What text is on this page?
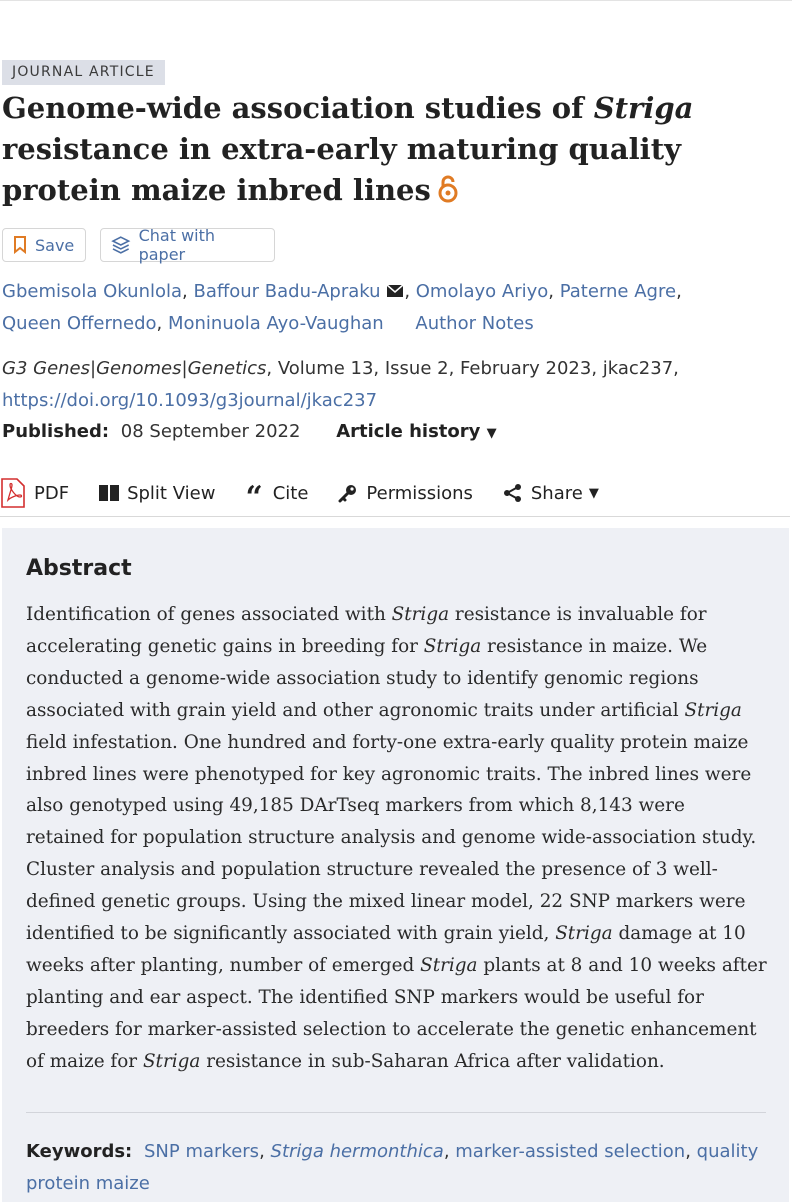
JOURNAL ARTICLE
Genome-wide association studies of Striga resistance in extra-early maturing quality protein maize inbred lines
Save	Chat with paper
Gbemisola Okunlola, Baffour Badu-Apraku , Omolayo Ariyo, Paterne Agre,
Queen Offernedo, Moninuola Ayo-Vaughan Author Notes
G3 Genes|Genomes|Genetics, Volume 13, Issue 2, February 2023, jkac237,
https://doi.org/10.1093/g3journal/jkac237
Published: 08 September 2022 Article history ▼
PDF	Split View “ Cite	Permissions	Share ▼
Abstract

Identification of genes associated with Striga resistance is invaluable for accelerating genetic gains in breeding for Striga resistance in maize. We conducted a genome-wide association study to identify genomic regions associated with grain yield and other agronomic traits under artificial Striga field infestation. One hundred and forty-one extra-early quality protein maize inbred lines were phenotyped for key agronomic traits. The inbred lines were also genotyped using 49,185 DArTseq markers from which 8,143 were retained for population structure analysis and genome wide-association study. Cluster analysis and population structure revealed the presence of 3 well-defined genetic groups. Using the mixed linear model, 22 SNP markers were identified to be significantly associated with grain yield, Striga damage at 10 weeks after planting, number of emerged Striga plants at 8 and 10 weeks after planting and ear aspect. The identified SNP markers would be useful for breeders for marker-assisted selection to accelerate the genetic enhancement of maize for Striga resistance in sub-Saharan Africa after validation.

Keywords: SNP markers, Striga hermonthica, marker-assisted selection, quality protein maize
